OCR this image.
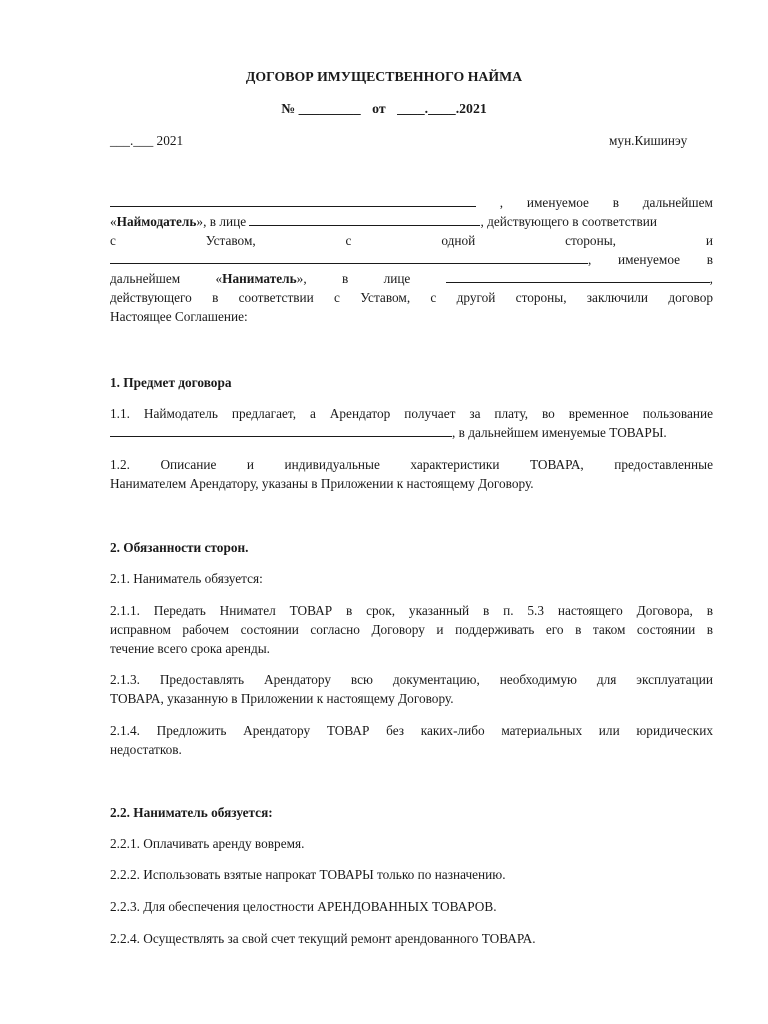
ДОГОВОР ИМУЩЕСТВЕННОГО НАЙМА
№ _________ от ____.____.2021
___.___ 2021	мун.Кишинэу
, именуемое в дальнейшем
«Наймодатель», в лице	, действующего в соответствии
с	Уставом,	с	одной	стороны,	и
, именуемое в
дальнейшем	«Наниматель»,	в	лице	,
действующего в соответствии с Уставом, с другой стороны, заключили договор
Настоящее Соглашение:
1. Предмет договора
1.1. Наймодатель предлагает, а Арендатор получает за плату, во временное пользование
, в дальнейшем именуемые ТОВАРЫ.
1.2. Описание и индивидуальные характеристики ТОВАРА, предоставленные
Нанимателем Арендатору, указаны в Приложении к настоящему Договору.
2. Обязанности сторон.
2.1. Наниматель обязуется:
2.1.1. Передать Ннимател ТОВАР в срок, указанный в п. 5.3 настоящего Договора, в
исправном рабочем состоянии согласно Договору и поддерживать его в таком состоянии в
течение всего срока аренды.
2.1.3. Предоставлять Арендатору всю документацию, необходимую для эксплуатации
ТОВАРА, указанную в Приложении к настоящему Договору.
2.1.4. Предложить Арендатору ТОВАР без каких-либо материальных или юридических
недостатков.
2.2. Наниматель обязуется:
2.2.1. Оплачивать аренду вовремя.
2.2.2. Использовать взятые напрокат ТОВАРЫ только по назначению.
2.2.3. Для обеспечения целостности АРЕНДОВАННЫХ ТОВАРОВ.
2.2.4. Осуществлять за свой счет текущий ремонт арендованного ТОВАРА.
